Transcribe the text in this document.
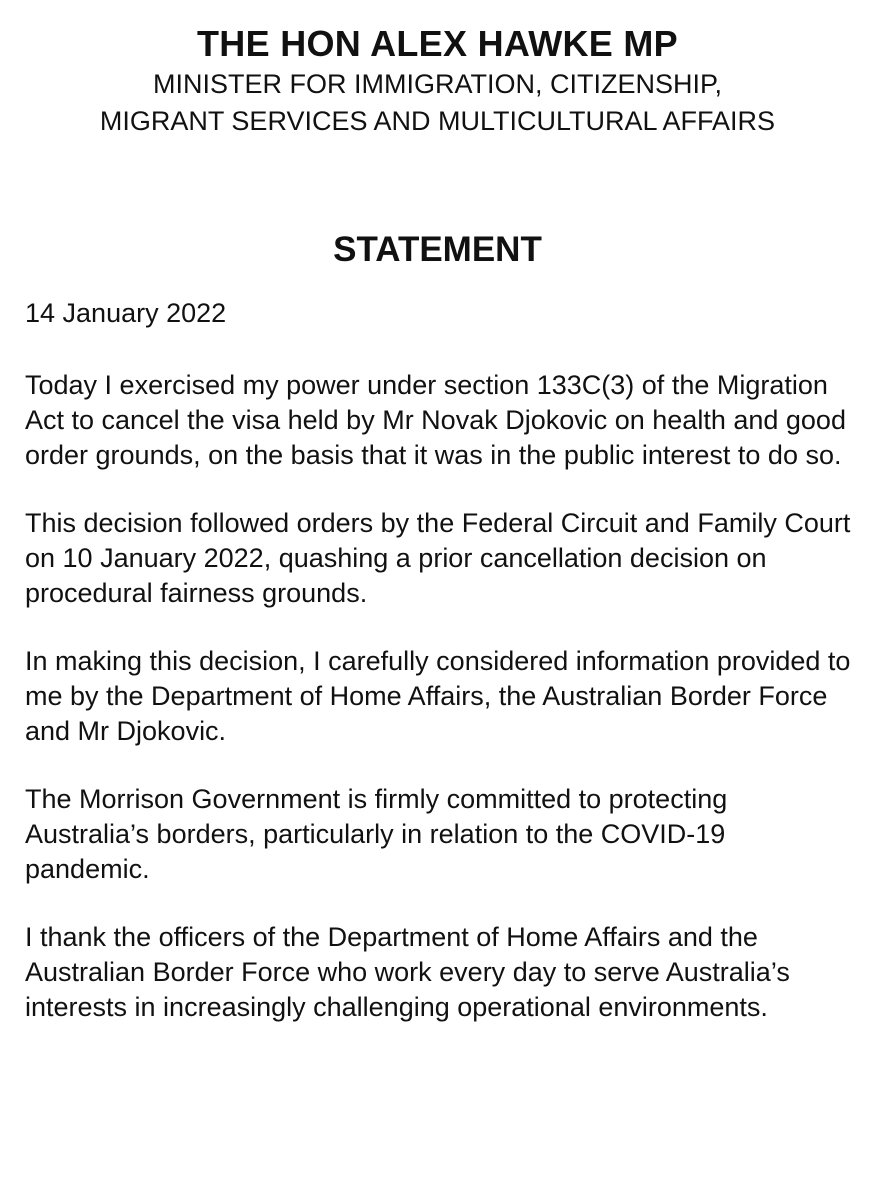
THE HON ALEX HAWKE MP
MINISTER FOR IMMIGRATION, CITIZENSHIP,
MIGRANT SERVICES AND MULTICULTURAL AFFAIRS
STATEMENT

14 January 2022

Today I exercised my power under section 133C(3) of the Migration Act to cancel the visa held by Mr Novak Djokovic on health and good order grounds, on the basis that it was in the public interest to do so.

This decision followed orders by the Federal Circuit and Family Court on 10 January 2022, quashing a prior cancellation decision on procedural fairness grounds.

In making this decision, I carefully considered information provided to me by the Department of Home Affairs, the Australian Border Force and Mr Djokovic.

The Morrison Government is firmly committed to protecting Australia’s borders, particularly in relation to the COVID-19 pandemic.

I thank the officers of the Department of Home Affairs and the Australian Border Force who work every day to serve Australia’s interests in increasingly challenging operational environments.
